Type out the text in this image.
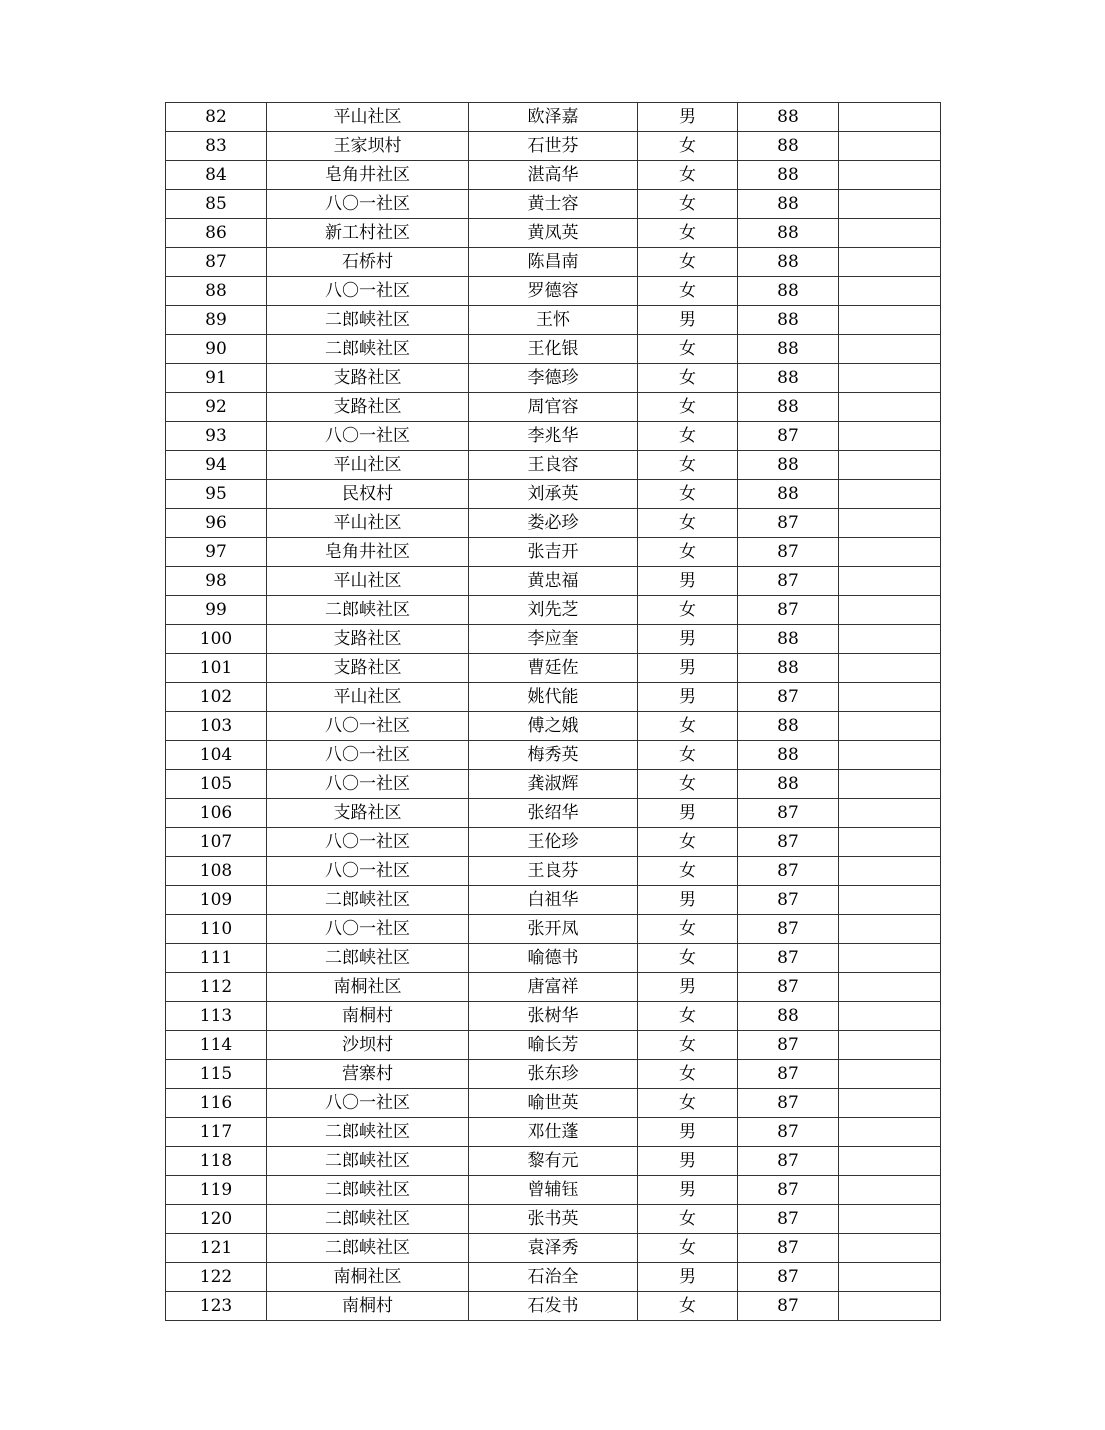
82	平山社区	欧泽嘉	男	88	
83	王家坝村	石世芬	女	88	
84	皂角井社区	湛高华	女	88	
85	八〇一社区	黄士容	女	88	
86	新工村社区	黄凤英	女	88	
87	石桥村	陈昌南	女	88	
88	八〇一社区	罗德容	女	88	
89	二郎峡社区	王怀	男	88	
90	二郎峡社区	王化银	女	88	
91	支路社区	李德珍	女	88	
92	支路社区	周官容	女	88	
93	八〇一社区	李兆华	女	87	
94	平山社区	王良容	女	88	
95	民权村	刘承英	女	88	
96	平山社区	娄必珍	女	87	
97	皂角井社区	张吉开	女	87	
98	平山社区	黄忠福	男	87	
99	二郎峡社区	刘先芝	女	87	
100	支路社区	李应奎	男	88	
101	支路社区	曹廷佐	男	88	
102	平山社区	姚代能	男	87	
103	八〇一社区	傅之娥	女	88	
104	八〇一社区	梅秀英	女	88	
105	八〇一社区	龚淑辉	女	88	
106	支路社区	张绍华	男	87	
107	八〇一社区	王伦珍	女	87	
108	八〇一社区	王良芬	女	87	
109	二郎峡社区	白祖华	男	87	
110	八〇一社区	张开凤	女	87	
111	二郎峡社区	喻德书	女	87	
112	南桐社区	唐富祥	男	87	
113	南桐村	张树华	女	88	
114	沙坝村	喻长芳	女	87	
115	营寨村	张东珍	女	87	
116	八〇一社区	喻世英	女	87	
117	二郎峡社区	邓仕蓬	男	87	
118	二郎峡社区	黎有元	男	87	
119	二郎峡社区	曾辅钰	男	87	
120	二郎峡社区	张书英	女	87	
121	二郎峡社区	袁泽秀	女	87	
122	南桐社区	石治全	男	87	
123	南桐村	石发书	女	87	
